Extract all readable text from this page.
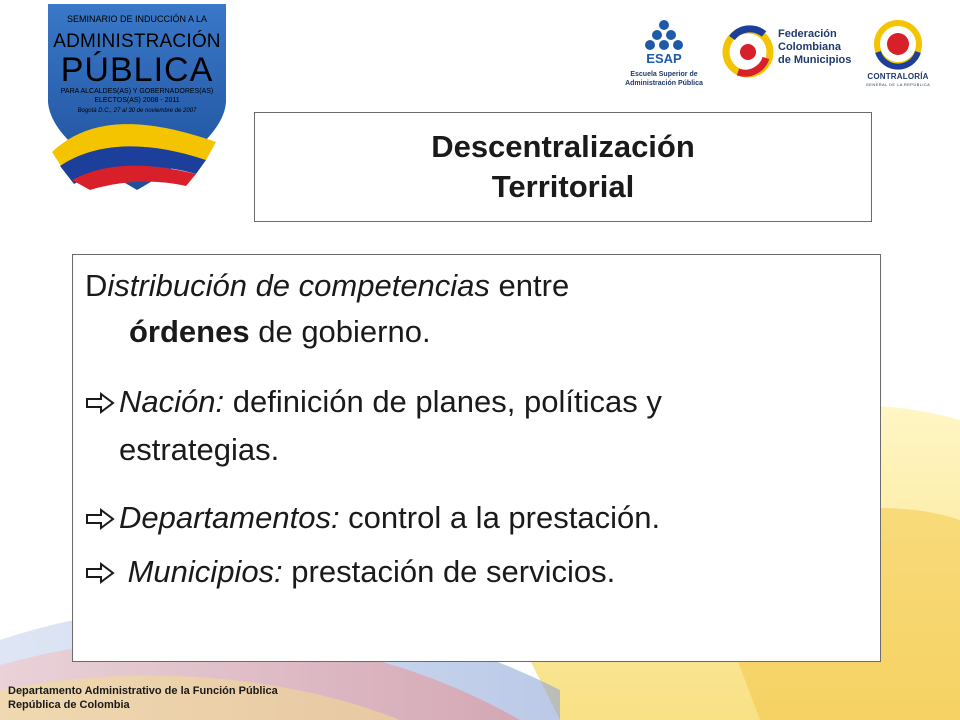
SEMINARIO DE INDUCCIÓN A LA
ADMINISTRACIÓN
PÚBLICA
PARA ALCALDES(AS) Y GOBERNADORES(AS)
ELECTOS(AS) 2008 - 2011
Bogotá D.C., 27 al 30 de noviembre de 2007
ESAP
Escuela Superior de
Administración Pública
Federación
Colombiana
de Municipios
CONTRALORÍA
GENERAL DE LA REPÚBLICA
Descentralización
Territorial
Distribución de competencias entre
órdenes de gobierno.
Nación: definición de planes, políticas y
estrategias.
Departamentos: control a la prestación.
Municipios: prestación de servicios.
Departamento Administrativo de la Función Pública
República de Colombia
